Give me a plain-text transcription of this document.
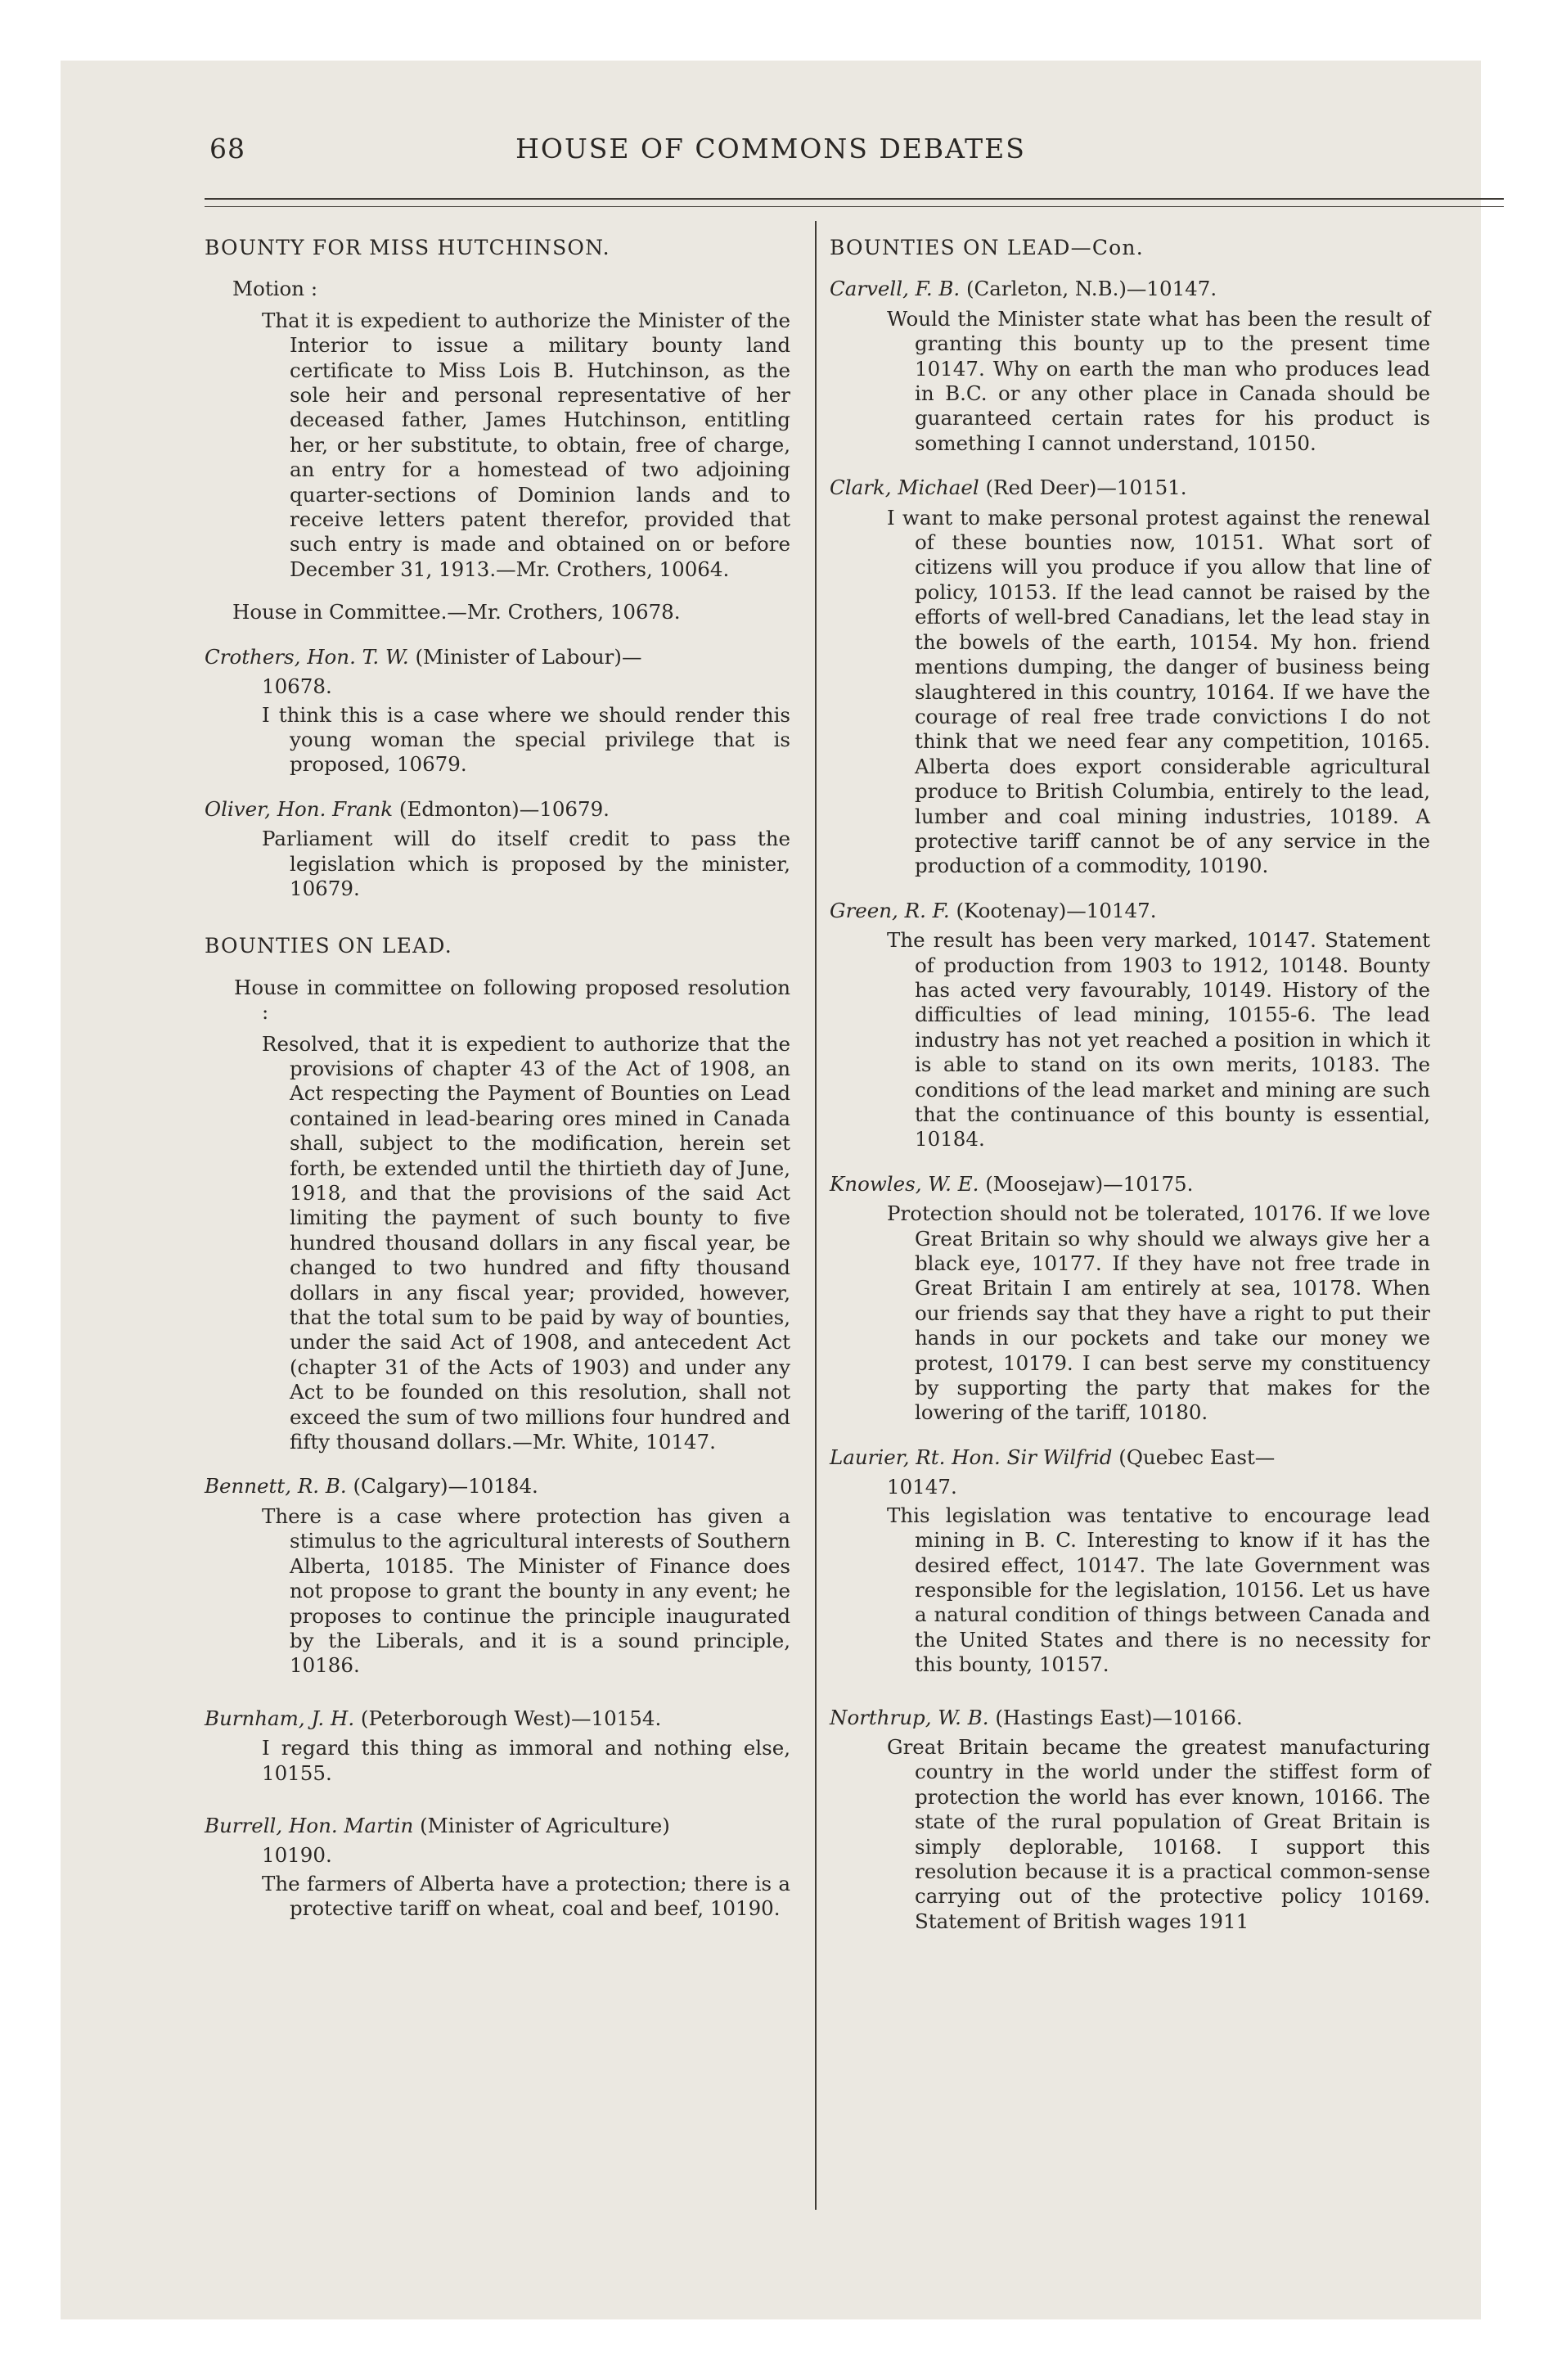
68	HOUSE OF COMMONS DEBATES
BOUNTY FOR MISS HUTCHINSON.
Motion :
That it is expedient to authorize the Minister of the Interior to issue a military bounty land certificate to Miss Lois B. Hutchinson, as the sole heir and personal representative of her deceased father, James Hutchinson, entitling her, or her substitute, to obtain, free of charge, an entry for a homestead of two adjoining quarter-sections of Dominion lands and to receive letters patent therefor, provided that such entry is made and obtained on or before December 31, 1913.—Mr. Crothers, 10064.
House in Committee.—Mr. Crothers, 10678.
Crothers, Hon. T. W. (Minister of Labour)—
10678.
I think this is a case where we should render this young woman the special privilege that is proposed, 10679.
Oliver, Hon. Frank (Edmonton)—10679.
Parliament will do itself credit to pass the legislation which is proposed by the minister, 10679.
BOUNTIES ON LEAD.
House in committee on following proposed resolution :
Resolved, that it is expedient to authorize that the provisions of chapter 43 of the Act of 1908, an Act respecting the Payment of Bounties on Lead contained in lead-bearing ores mined in Canada shall, subject to the modification, herein set forth, be extended until the thirtieth day of June, 1918, and that the provisions of the said Act limiting the payment of such bounty to five hundred thousand dollars in any fiscal year, be changed to two hundred and fifty thousand dollars in any fiscal year; provided, however, that the total sum to be paid by way of bounties, under the said Act of 1908, and antecedent Act (chapter 31 of the Acts of 1903) and under any Act to be founded on this resolution, shall not exceed the sum of two millions four hundred and fifty thousand dollars.—Mr. White, 10147.
Bennett, R. B. (Calgary)—10184.
There is a case where protection has given a stimulus to the agricultural interests of Southern Alberta, 10185. The Minister of Finance does not propose to grant the bounty in any event; he proposes to continue the principle inaugurated by the Liberals, and it is a sound principle, 10186.
Burnham, J. H. (Peterborough West)—10154.
I regard this thing as immoral and nothing else, 10155.
Burrell, Hon. Martin (Minister of Agriculture)
10190.
The farmers of Alberta have a protection; there is a protective tariff on wheat, coal and beef, 10190.
BOUNTIES ON LEAD—Con.
Carvell, F. B. (Carleton, N.B.)—10147.
Would the Minister state what has been the result of granting this bounty up to the present time 10147. Why on earth the man who produces lead in B.C. or any other place in Canada should be guaranteed certain rates for his product is something I cannot understand, 10150.
Clark, Michael (Red Deer)—10151.
I want to make personal protest against the renewal of these bounties now, 10151. What sort of citizens will you produce if you allow that line of policy, 10153. If the lead cannot be raised by the efforts of well-bred Canadians, let the lead stay in the bowels of the earth, 10154. My hon. friend mentions dumping, the danger of business being slaughtered in this country, 10164. If we have the courage of real free trade convictions I do not think that we need fear any competition, 10165. Alberta does export considerable agricultural produce to British Columbia, entirely to the lead, lumber and coal mining industries, 10189. A protective tariff cannot be of any service in the production of a commodity, 10190.
Green, R. F. (Kootenay)—10147.
The result has been very marked, 10147. Statement of production from 1903 to 1912, 10148. Bounty has acted very favourably, 10149. History of the difficulties of lead mining, 10155-6. The lead industry has not yet reached a position in which it is able to stand on its own merits, 10183. The conditions of the lead market and mining are such that the continuance of this bounty is essential, 10184.
Knowles, W. E. (Moosejaw)—10175.
Protection should not be tolerated, 10176. If we love Great Britain so why should we always give her a black eye, 10177. If they have not free trade in Great Britain I am entirely at sea, 10178. When our friends say that they have a right to put their hands in our pockets and take our money we protest, 10179. I can best serve my constituency by supporting the party that makes for the lowering of the tariff, 10180.
Laurier, Rt. Hon. Sir Wilfrid (Quebec East—
10147.
This legislation was tentative to encourage lead mining in B. C. Interesting to know if it has the desired effect, 10147. The late Government was responsible for the legislation, 10156. Let us have a natural condition of things between Canada and the United States and there is no necessity for this bounty, 10157.
Northrup, W. B. (Hastings East)—10166.
Great Britain became the greatest manufacturing country in the world under the stiffest form of protection the world has ever known, 10166. The state of the rural population of Great Britain is simply deplorable, 10168. I support this resolution because it is a practical common-sense carrying out of the protective policy 10169. Statement of British wages 1911
